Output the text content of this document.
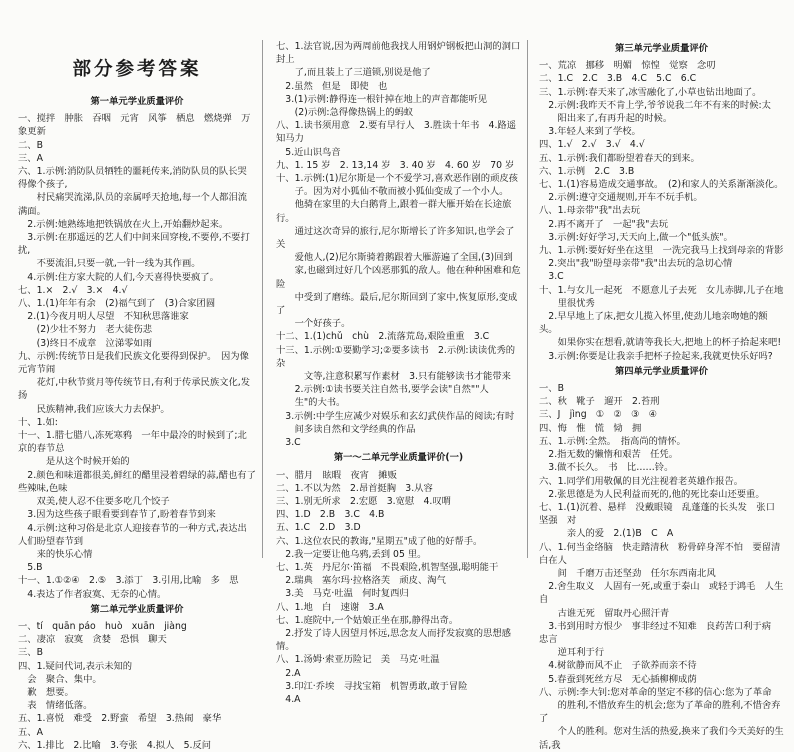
部分参考答案
第一单元学业质量评价
一、搅拌　肿胀　吞咽　元宵　风筝　栖息　燃烧弹　万象更新
二、B
三、A
六、1.示例:消防队员牺牲的噩耗传来,消防队员的队长哭得像个孩子,
　　村民痛哭流涕,队员的亲属呼天抢地,每一个人都泪流满面。
　2.示例:她熟练地把铁锅放在火上,开始翻炒起来。
　3.示例:在那遥远的艺人们中间来回穿梭,不要停,不要打扰,
　　不要流泪,只要一就,一针一线为其作画。
　4.示例:住方家大院的人们,今天喜得快要疯了。
七、1.×　2.√　3.×　4.√
八、1.(1)年年有余　(2)福气到了　(3)合家团圆
　2.(1)今夜月明人尽望　不知秋思落谁家
　　(2)少壮不努力　老大徒伤悲
　　(3)终日不成章　泣涕零如雨
九、示例:传统节日是我们民族文化要得到保护。　因为像元宵节闹
　　花灯,中秋节赏月等传统节日,有利于传承民族文化,发扬
　　民族精神,我们应该大力去保护。
十、1.如:
十一、1.腊七腊八,冻死寒鸦　一年中最冷的时候到了;北京的春节总
　　　是从这个时候开始的
　2.颜色和味道都很美,鲜红的醋里浸着碧绿的蒜,醋也有了些辣味,色味
　　双美,使人忍不住要多吃几个饺子
　3.因为这些孩子眼看要到春节了,盼着春节到来
　4.示例:这种习俗是北京人迎接春节的一种方式,表达出人们盼望春节到
　　来的快乐心情
　5.B
十一、1.①②④　2.⑤　3.添丁　3.引用,比喻　多　思
　4.表达了作者寂寞、无奈的心情。
第二单元学业质量评价
一、tí　quān páo　huò　xuān　jiàng
二、凄凉　寂寞　贪婪　恐惧　聊天
三、B
四、1.疑问代词,表示未知的
　会　聚合、集中。
　歉　想要。
　表　情绪低落。
五、1.喜悦　难受　2.野蛮　希望　3.热闹　豪华
五、A
六、1.排比　2.比喻　3.夸张　4.拟人　5.反问
七、1.法官说,因为两周前他我找人用钢炉钢板把山洞的洞口封上
　　了,而且装上了三道锁,别说是他了
　2.虽然　但是　即使　也
　3.(1)示例:静得连一根针掉在地上的声音都能听见
　　(2)示例:急得像热锅上的蚂蚁
八、1.读书须用意　2.要有早行人　3.胜读十年书　4.路遥知马力
　5.近山识鸟音
九、1. 15 岁　2. 13,14 岁　3. 40 岁　4. 60 岁　70 岁
十、1.示例:(1)尼尔斯是一个不爱学习,喜欢恶作剧的顽皮孩
　　子。因为对小狐仙不敬而被小狐仙变成了一个小人。
　　他骑在家里的大白鹅背上,跟着一群大雁开始在长途旅行。
　　通过这次奇异的旅行,尼尔斯增长了许多知识,也学会了关
　　爱他人,(2)尼尔斯骑着鹅跟着大雁游遍了全国,(3)回到
　　家,也磁到过好几个凶恶那狐的敌人。他在种种困难和危险
　　中受到了磨练。最后,尼尔斯回到了家中,恢复原形,变成了
　　一个好孩子。
十二、1.(1)chǔ　chù　2.流落荒岛,艰险重重　3.C
十三、1.示例:①要勤学习;②要多读书　2.示例:读读优秀的杂
　　　文等,注意积累写作素材　3.只有能够读书才能带来
　　2.示例:①读书要关注自然书,要学会读"自然""人
　　生"的大书。
　3.示例:中学生应减少对娱乐和玄幻武侠作品的阅读;有时
　　间多读自然和文学经典的作品
　3.C
第一～二单元学业质量评价(一)
一、腊月　眩暇　夜宵　摊贩
二、1.不以为然　2.昂首挺胸　3.从容
三、1.别无所求　2.宏愿　3.宽慰　4.叹喟
四、1.D　2.B　3.C　4.B
五、1.C　2.D　3.D
六、1.这位农民的教诲,"星期五"成了他的好帮手。
　2.我一定要让他乌鸦,丢到 05 里。
七、1.英　丹尼尔·笛福　不畏艰险,机智坚强,聪明能干
　2.瑞典　塞尔玛·拉格洛芙　顽皮、淘气
　3.美　马克·吐温　何时复西归
八、1.地　白　速谢　3.A
七、1.庭院中,一个姑娘正坐在那,静得出奇。
　2.抒发了诗人因望月怀远,思念友人而抒发寂寞的思想感情。
八、1.汤姆·索亚历险记　美　马克·吐温
　2.A
　3.印江·乔埃　寻找宝箱　机智勇敢,敢于冒险
　4.A
第三单元学业质量评价
一、荒凉　挪移　明媚　惊惶　觉察　念叨
二、1.C　2.C　3.B　4.C　5.C　6.C
三、1.示例:春天来了,冰雪融化了,小草也钻出地面了。
　2.示例:我昨天不肯上学,爷爷说我二年不有来的时候:太
　　阳出来了,有再升起的时候。
　3.年轻人来到了学校。
四、1.√　2.√　3.√　4.√
五、1.示例:我们都盼望着春天的到来。
六、1.示例　2.C　3.B
七、1.(1)容易造成交通事故。　(2)和家人的关系渐渐淡化。
　2.示例:遵守交通规则,开车不玩手机。
八、1.母亲带"我"出去玩
　2.再不离开了　一起"我"去玩
　3.示例:好好学习,天天向上,做一个"低头族"。
九、1.示例:要好好坐在这里　一洗完我马上找到母亲的背影
　2.突出"我"盼望母亲带"我"出去玩的急切心情
　3.C
十、1.与女儿一起死　不愿意儿子去死　女儿赤脚,儿子在地
　　里很忧秀
　2.早早地上了床,把女儿揽入怀里,使劲儿地亲吻她的额头。
　　如果你实在想看,就请等我长大,把地上的杯子拾起来吧!
　3.示例:你要是让我亲手把杯子捡起来,我就更快乐好吗?
第四单元学业质量评价
一、B
二、秋　靴子　遛开　2.苔刑
三、J　jìng　①　②　③　④
四、悔　惟　慌　恸　拥
五、1.示例:全然。　指高尚的情怀。
　2.指无数的懒惰和艰苦　任凭。
　3.做不长久。　书　比……铃。
六、1.同学们用敬佩的目光注视着老英雄作报告。
　2.张思德是为人民利益而死的,他的死比泰山还要重。
七、1.(1)沉着、悬样　没戴眼镜　乱蓬蓬的长头发　张口坚强　对
　　　亲人的爱　2.(1)B　C　A
八、1.何当金络脑　快走踏清秋　粉骨碎身浑不怕　要留清白在人
　　间　千磨万击还坚劲　任尔东西南北风
　2.舍生取义　人固有一死,或重于泰山　或轻于鸿毛　人生自
　　古谁无死　留取丹心照汗青
　3.书到用时方恨少　事非经过不知难　良药苦口利于病　忠言
　　逆耳利于行
　4.树欲静而风不止　子欲养而亲不待
　5.春蚕到死丝方尽　无心插柳柳成荫
八、示例:李大钊:您对革命的坚定不移的信心:您为了革命
　　的胜利,不惜放弃生的机会;您为了革命的胜利,不惜舍弃了
　　个人的胜利。您对生活的热爱,换来了我们今天美好的生活,我
